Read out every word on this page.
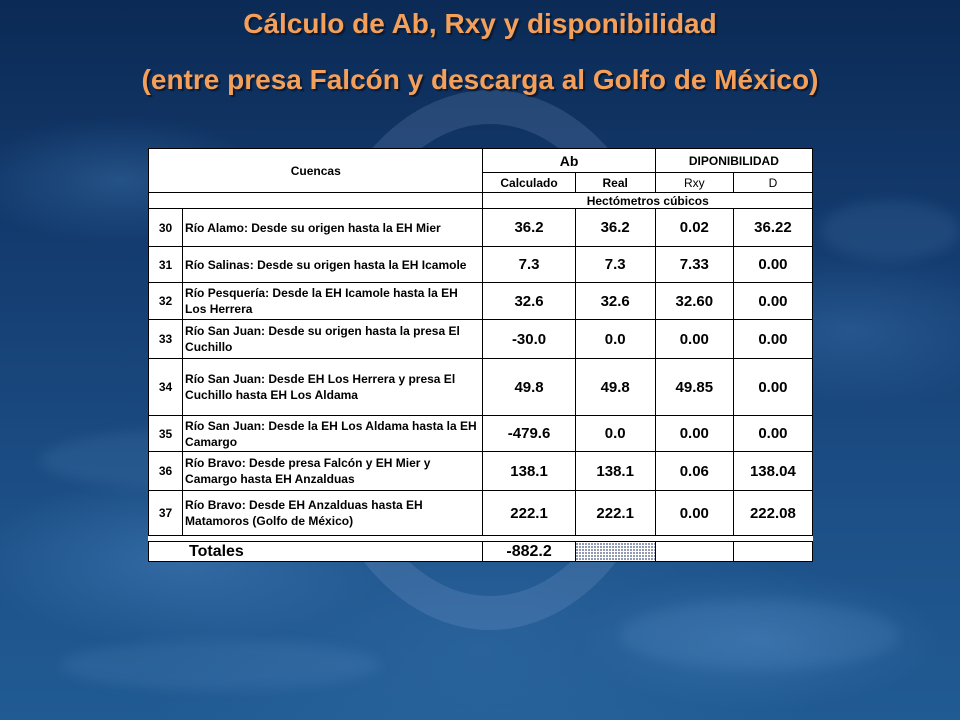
Cálculo de Ab, Rxy y disponibilidad
(entre presa Falcón y descarga al Golfo de México)
Cuencas		Ab		DIPONIBILIDAD	
		Calculado	Real	Rxy	D
		Hectómetros cúbicos			
30	Río Alamo: Desde su origen hasta la EH Mier	36.2	36.2	0.02	36.22
31	Río Salinas: Desde su origen hasta la EH Icamole	7.3	7.3	7.33	0.00
32	Río Pesquería: Desde la EH Icamole hasta la EH Los Herrera	32.6	32.6	32.60	0.00
33	Río San Juan: Desde su origen hasta la presa El Cuchillo	-30.0	0.0	0.00	0.00
34	Río San Juan: Desde EH Los Herrera y presa El Cuchillo hasta EH Los Aldama	49.8	49.8	49.85	0.00
35	Río San Juan: Desde la EH Los Aldama hasta la EH Camargo	-479.6	0.0	0.00	0.00
36	Río Bravo: Desde presa Falcón y EH Mier y Camargo hasta EH Anzalduas	138.1	138.1	0.06	138.04
37	Río Bravo: Desde EH Anzalduas hasta EH Matamoros (Golfo de México)	222.1	222.1	0.00	222.08

Totales		-882.2			
